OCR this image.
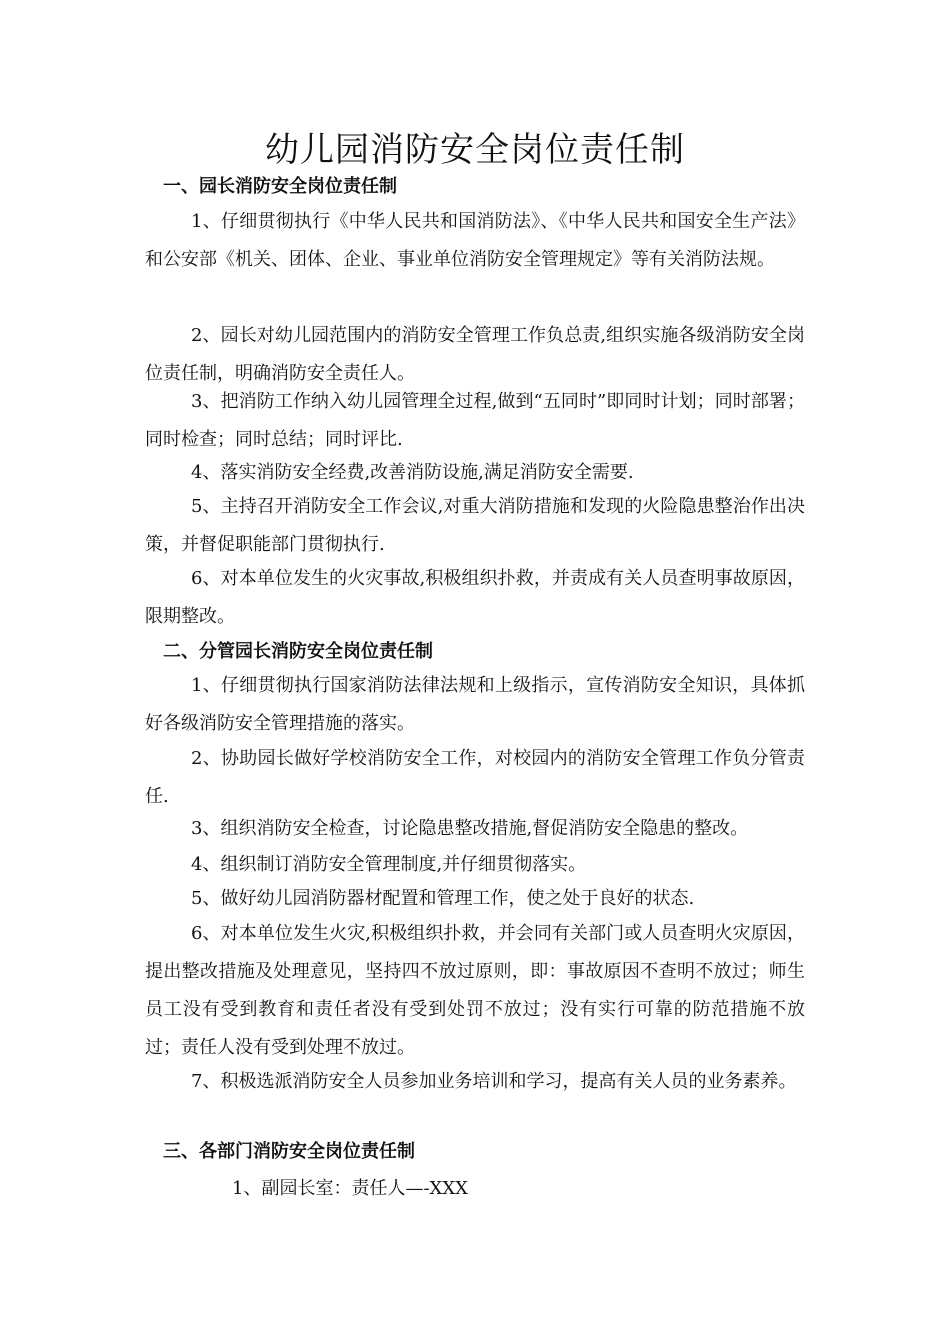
幼儿园消防安全岗位责任制
一、园长消防安全岗位责任制

1、仔细贯彻执行《中华人民共和国消防法》、《中华人民共和国安全生产法》和公安部《机关、团体、企业、事业单位消防安全管理规定》等有关消防法规。

2、园长对幼儿园范围内的消防安全管理工作负总责,组织实施各级消防安全岗位责任制，明确消防安全责任人。

3、把消防工作纳入幼儿园管理全过程,做到“五同时”即同时计划；同时部署；同时检查；同时总结；同时评比.

4、落实消防安全经费,改善消防设施,满足消防安全需要.

5、主持召开消防安全工作会议,对重大消防措施和发现的火险隐患整治作出决策，并督促职能部门贯彻执行.

6、对本单位发生的火灾事故,积极组织扑救，并责成有关人员查明事故原因，限期整改。

二、分管园长消防安全岗位责任制

1、仔细贯彻执行国家消防法律法规和上级指示，宣传消防安全知识，具体抓好各级消防安全管理措施的落实。

2、协助园长做好学校消防安全工作，对校园内的消防安全管理工作负分管责任.

3、组织消防安全检查，讨论隐患整改措施,督促消防安全隐患的整改。

4、组织制订消防安全管理制度,并仔细贯彻落实。

5、做好幼儿园消防器材配置和管理工作，使之处于良好的状态.

6、对本单位发生火灾,积极组织扑救，并会同有关部门或人员查明火灾原因，提出整改措施及处理意见，坚持四不放过原则，即：事故原因不查明不放过；师生员工没有受到教育和责任者没有受到处罚不放过；没有实行可靠的防范措施不放过；责任人没有受到处理不放过。

7、积极选派消防安全人员参加业务培训和学习，提高有关人员的业务素养。

三、各部门消防安全岗位责任制
1、副园长室：责任人—-XXX
